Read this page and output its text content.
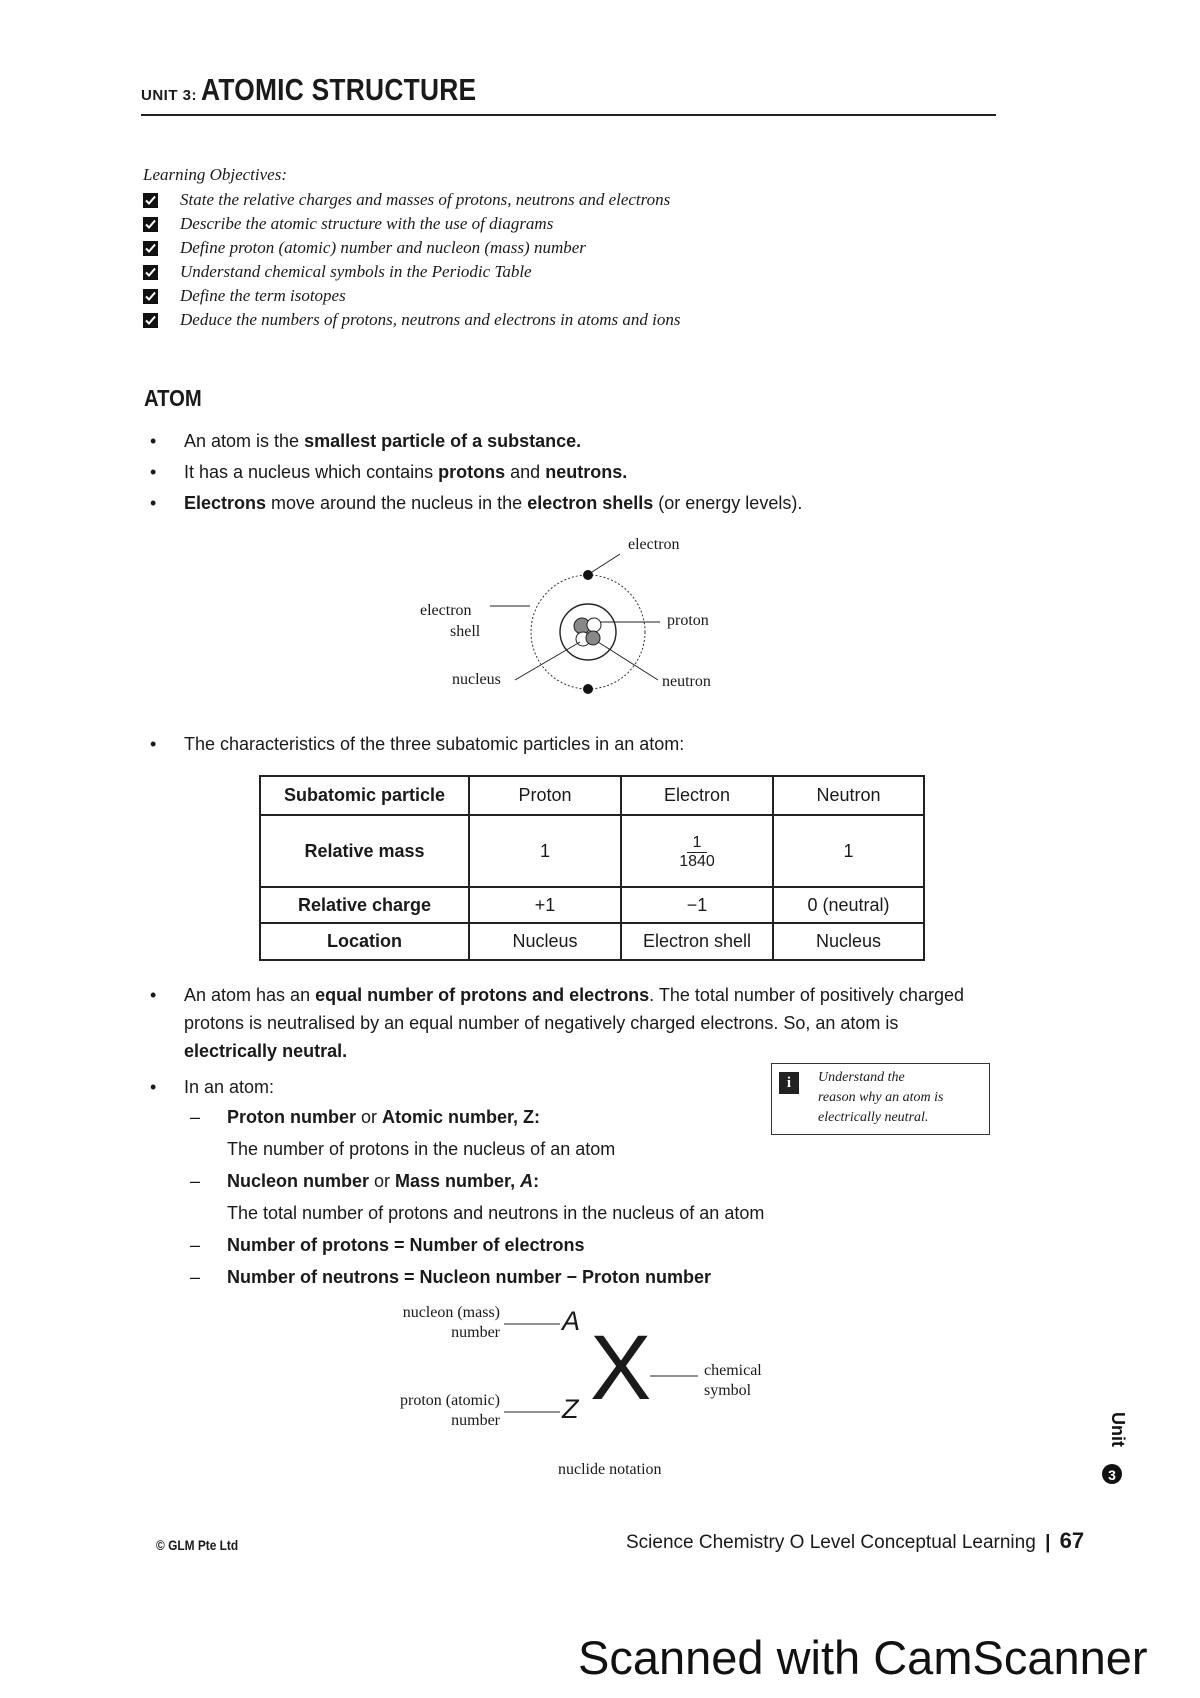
UNIT 3: ATOMIC STRUCTURE
Learning Objectives:
State the relative charges and masses of protons, neutrons and electrons
Describe the atomic structure with the use of diagrams
Define proton (atomic) number and nucleon (mass) number
Understand chemical symbols in the Periodic Table
Define the term isotopes
Deduce the numbers of protons, neutrons and electrons in atoms and ions
ATOM
•	An atom is the smallest particle of a substance.
•	It has a nucleus which contains protons and neutrons.
•	Electrons move around the nucleus in the electron shells (or energy levels).
electron
electron
shell
proton
nucleus	neutron
•	The characteristics of the three subatomic particles in an atom:
Subatomic particle	Proton	Electron	Neutron
Relative mass	1	$\frac{1}{1840}$	1
Relative charge	+1	−1	0 (neutral)
Location	Nucleus	Electron shell	Nucleus
•	An atom has an equal number of protons and electrons. The total number of positively charged
protons is neutralised by an equal number of negatively charged electrons. So, an atom is
electrically neutral.
i	Understand the
reason why an atom is
electrically neutral.
•	In an atom:
– Proton number or Atomic number, Z:
The number of protons in the nucleus of an atom
– Nucleon number or Mass number, A:
The total number of protons and neutrons in the nucleus of an atom
– Number of protons = Number of electrons
– Number of neutrons = Nucleon number − Proton number
nucleon (mass)
number
proton (atomic)
number
A
Z X	chemical
symbol
nuclide notation
Unit
3
© GLM Pte Ltd	Science Chemistry O Level Conceptual Learning | 67
Scanned with CamScanner
